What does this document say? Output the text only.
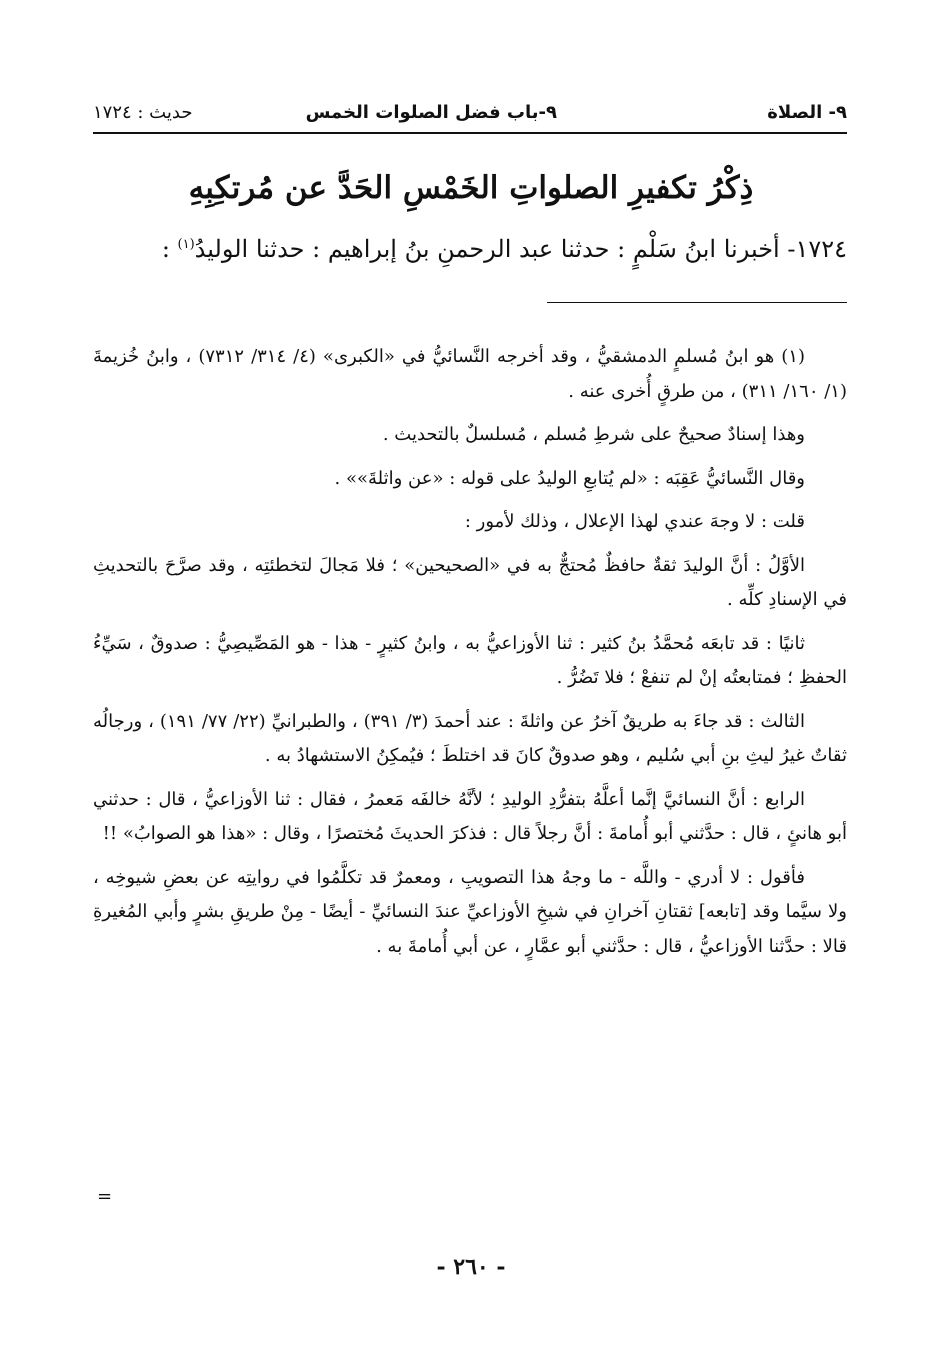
٩- الصلاة
٩-باب فضل الصلوات الخمس
حديث : ١٧٢٤
ذِكْرُ تكفيرِ الصلواتِ الخَمْسِ الحَدَّ عن مُرتكِبِهِ
١٧٢٤- أخبرنا ابنُ سَلْمٍ : حدثنا عبد الرحمنِ بنُ إبراهيم : حدثنا الوليدُ$^{(١)}$ :

(١) هو ابنُ مُسلمٍ الدمشقيُّ ، وقد أخرجه النَّسائيُّ في «الكبرى» (٤/ ٣١٤/ ٧٣١٢) ، وابنُ خُزيمةَ (١/ ١٦٠/ ٣١١) ، من طرقٍ أُخرى عنه .

وهذا إسنادٌ صحيحٌ على شرطِ مُسلم ، مُسلسلٌ بالتحديث .

وقال النَّسائيُّ عَقِبَه : «لم يُتابعِ الوليدُ على قوله : «عن واثلةَ»» .

قلت : لا وجهَ عندي لهذا الإعلال ، وذلك لأمور :

الأوَّلُ : أنَّ الوليدَ ثقةٌ حافظٌ مُحتجٌّ به في «الصحيحين» ؛ فلا مَجالَ لتخطئتِه ، وقد صرَّحَ بالتحديثِ في الإسنادِ كلِّه .

ثانيًا : قد تابعَه مُحمَّدُ بنُ كثير : ثنا الأوزاعيُّ به ، وابنُ كثيرٍ - هذا - هو المَصِّيصِيُّ : صدوقٌ ، سَيِّءُ الحفظِ ؛ فمتابعتُه إنْ لم تنفعْ ؛ فلا تَضُرُّ .

الثالث : قد جاءَ به طريقٌ آخرُ عن واثلةَ : عند أحمدَ (٣/ ٣٩١) ، والطبرانيِّ (٢٢/ ٧٧/ ١٩١) ، ورجالُه ثقاتٌ غيرُ ليثِ بنِ أبي سُليم ، وهو صدوقٌ كانَ قد اختلطَ ؛ فيُمكِنُ الاستشهادُ به .

الرابع : أنَّ النسائيَّ إنَّما أعلَّهُ بتفرُّدِ الوليدِ ؛ لأنَّهُ خالفَه مَعمرُ ، فقال : ثنا الأوزاعيُّ ، قال : حدثني أبو هانئٍ ، قال : حدَّثني أبو أُمامةَ : أنَّ رجلاً قال : فذكرَ الحديثَ مُختصرًا ، وقال : «هذا هو الصوابُ» !!

فأقول : لا أدري - واللَّه - ما وجهُ هذا التصويبِ ، ومعمرٌ قد تكلَّمُوا في روايتِه عن بعضِ شيوخِه ، ولا سيَّما وقد [تابعه] ثقتانِ آخرانِ في شيخِ الأوزاعيِّ عندَ النسائيِّ - أيضًا - مِنْ طريقِ بشرٍ وأبي المُغيرةِ قالا : حدَّثنا الأوزاعيُّ ، قال : حدَّثني أبو عمَّارٍ ، عن أبي أُمامةَ به .

=
- ٢٦٠ -
